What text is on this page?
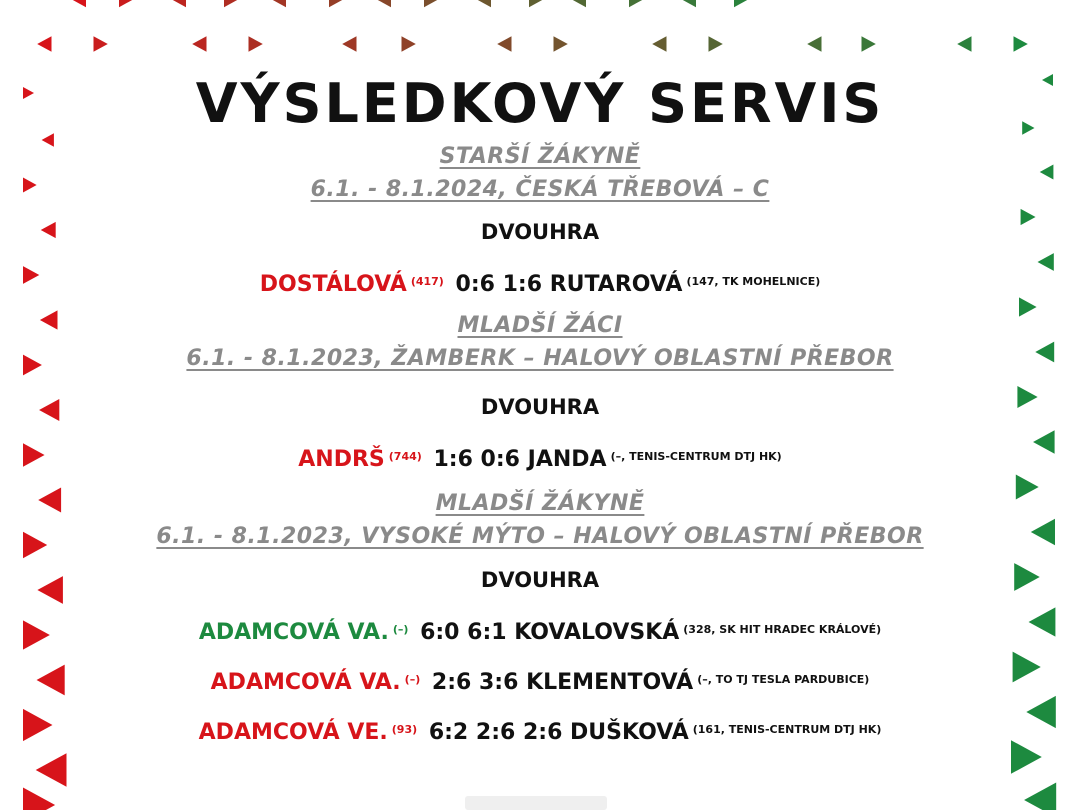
VÝSLEDKOVÝ SERVIS
STARŠÍ ŽÁKYNĚ
6.1. - 8.1.2024, ČESKÁ TŘEBOVÁ – C
DVOUHRA
DOSTÁLOVÁ $^{(417)}$ 0:6 1:6 RUTAROVÁ $^{(147, TK MOHELNICE)}$
MLADŠÍ ŽÁCI
6.1. - 8.1.2023, ŽAMBERK – HALOVÝ OBLASTNÍ PŘEBOR
DVOUHRA
ANDRŠ $^{(744)}$ 1:6 0:6 JANDA $^{(-, TENIS-CENTRUM DTJ HK)}$
MLADŠÍ ŽÁKYNĚ
6.1. - 8.1.2023, VYSOKÉ MÝTO – HALOVÝ OBLASTNÍ PŘEBOR
DVOUHRA
ADAMCOVÁ VA. (–) 6:0 6:1 KOVALOVSKÁ $^{(328, SK HIT HRADEC KRÁLOVÉ)}$
ADAMCOVÁ VA. (–) 2:6 3:6 KLEMENTOVÁ $^{(-, TO TJ TESLA PARDUBICE)}$
ADAMCOVÁ VE. $^{(93)}$ 6:2 2:6 2:6 DUŠKOVÁ $^{(161, TENIS-CENTRUM DTJ HK)}$
